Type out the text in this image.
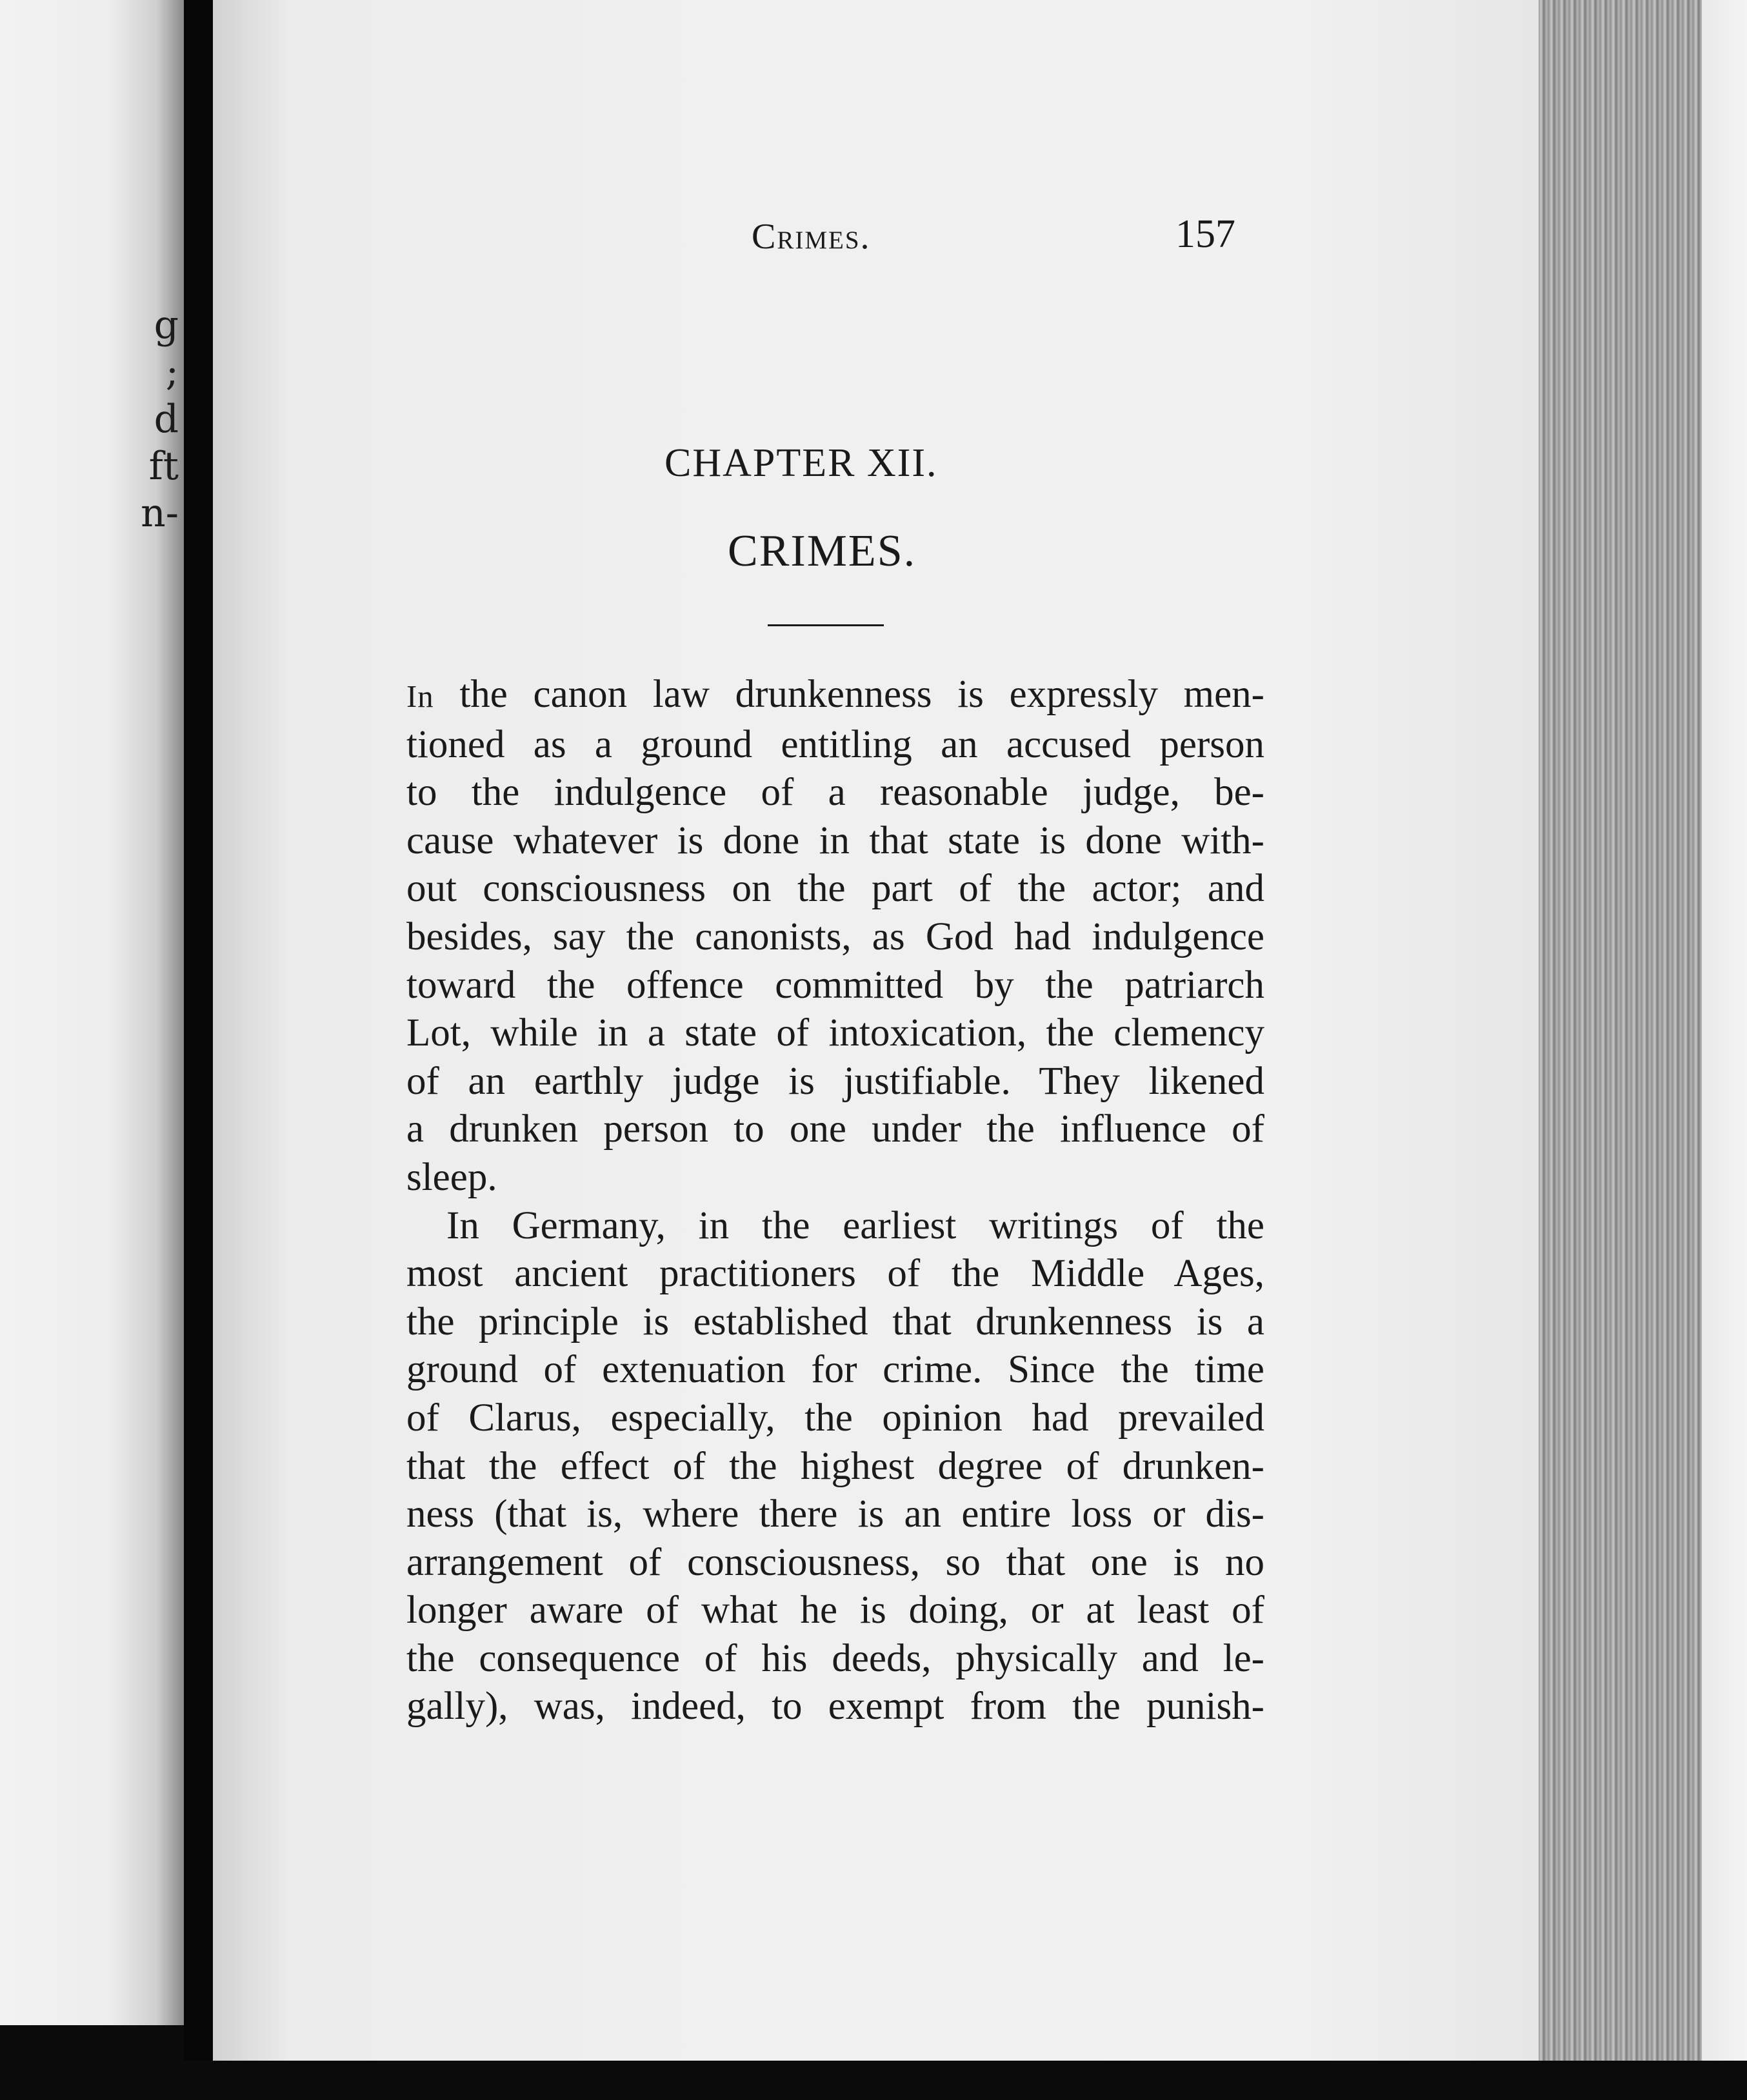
g
;
d
ft
n-
Crimes.	157
CHAPTER XII.
CRIMES.
In the canon law drunkenness is expressly men-
tioned as a ground entitling an accused person
to the indulgence of a reasonable judge, be-
cause whatever is done in that state is done with-
out consciousness on the part of the actor; and
besides, say the canonists, as God had indulgence
toward the offence committed by the patriarch
Lot, while in a state of intoxication, the clemency
of an earthly judge is justifiable. They likened
a drunken person to one under the influence of
sleep.
In Germany, in the earliest writings of the
most ancient practitioners of the Middle Ages,
the principle is established that drunkenness is a
ground of extenuation for crime. Since the time
of Clarus, especially, the opinion had prevailed
that the effect of the highest degree of drunken-
ness (that is, where there is an entire loss or dis-
arrangement of consciousness, so that one is no
longer aware of what he is doing, or at least of
the consequence of his deeds, physically and le-
gally), was, indeed, to exempt from the punish-
